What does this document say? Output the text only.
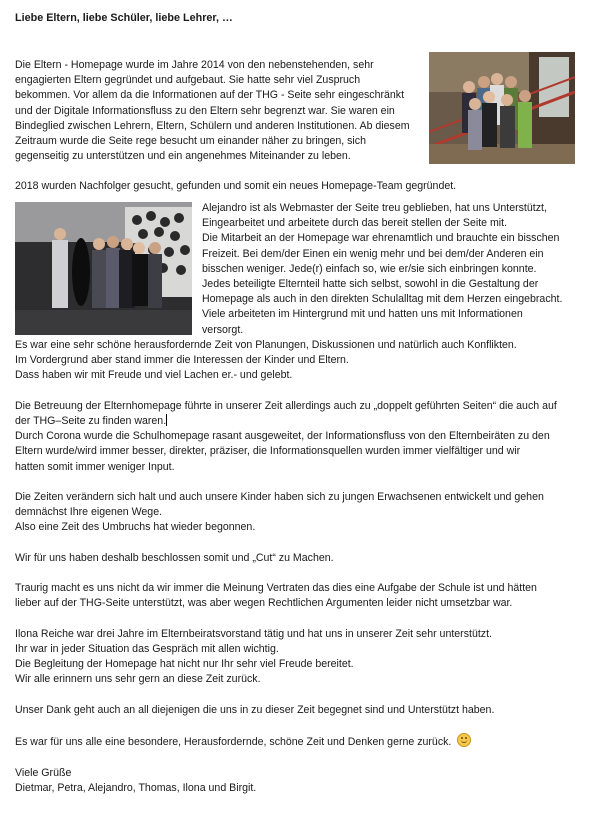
Liebe Eltern, liebe Schüler, liebe Lehrer, …

Die Eltern - Homepage wurde im Jahre 2014 von den nebenstehenden, sehr

engagierten Eltern gegründet und aufgebaut. Sie hatte sehr viel Zuspruch

bekommen. Vor allem da die Informationen auf der THG - Seite sehr eingeschränkt

und der Digitale Informationsfluss zu den Eltern sehr begrenzt war. Sie waren ein

Bindeglied zwischen Lehrern, Eltern, Schülern und anderen Institutionen. Ab diesem

Zeitraum wurde die Seite rege besucht um einander näher zu bringen, sich

gegenseitig zu unterstützen und ein angenehmes Miteinander zu leben.

2018 wurden Nachfolger gesucht, gefunden und somit ein neues Homepage-Team gegründet.

Alejandro ist als Webmaster der Seite treu geblieben, hat uns Unterstützt,

Eingearbeitet und arbeitete durch das bereit stellen der Seite mit.

Die Mitarbeit an der Homepage war ehrenamtlich und brauchte ein bisschen

Freizeit. Bei dem/der Einen ein wenig mehr und bei dem/der Anderen ein

bisschen weniger. Jede(r) einfach so, wie er/sie sich einbringen konnte.

Jedes beteiligte Elternteil hatte sich selbst, sowohl in die Gestaltung der

Homepage als auch in den direkten Schulalltag mit dem Herzen eingebracht.

Viele arbeiteten im Hintergrund mit und hatten uns mit Informationen

versorgt.

Es war eine sehr schöne herausfordernde Zeit von Planungen, Diskussionen und natürlich auch Konflikten.

Im Vordergrund aber stand immer die Interessen der Kinder und Eltern.

Dass haben wir mit Freude und viel Lachen er.- und gelebt.

Die Betreuung der Elternhomepage führte in unserer Zeit allerdings auch zu „doppelt geführten Seiten“ die auch auf

der THG–Seite zu finden waren.

Durch Corona wurde die Schulhomepage rasant ausgeweitet, der Informationsfluss von den Elternbeiräten zu den

Eltern wurde/wird immer besser, direkter, präziser, die Informationsquellen wurden immer vielfältiger und wir

hatten somit immer weniger Input.

Die Zeiten verändern sich halt und auch unsere Kinder haben sich zu jungen Erwachsenen entwickelt und gehen

demnächst Ihre eigenen Wege.

Also eine Zeit des Umbruchs hat wieder begonnen.

Wir für uns haben deshalb beschlossen somit und „Cut“ zu Machen.

Traurig macht es uns nicht da wir immer die Meinung Vertraten das dies eine Aufgabe der Schule ist und hätten

lieber auf der THG-Seite unterstützt, was aber wegen Rechtlichen Argumenten leider nicht umsetzbar war.

Ilona Reiche war drei Jahre im Elternbeiratsvorstand tätig und hat uns in unserer Zeit sehr unterstützt.

Ihr war in jeder Situation das Gespräch mit allen wichtig.

Die Begleitung der Homepage hat nicht nur Ihr sehr viel Freude bereitet.

Wir alle erinnern uns sehr gern an diese Zeit zurück.

Unser Dank geht auch an all diejenigen die uns in zu dieser Zeit begegnet sind und Unterstützt haben.

Es war für uns alle eine besondere, Herausfordernde, schöne Zeit und Denken gerne zurück.

Viele Grüße

Dietmar, Petra, Alejandro, Thomas, Ilona und Birgit.
